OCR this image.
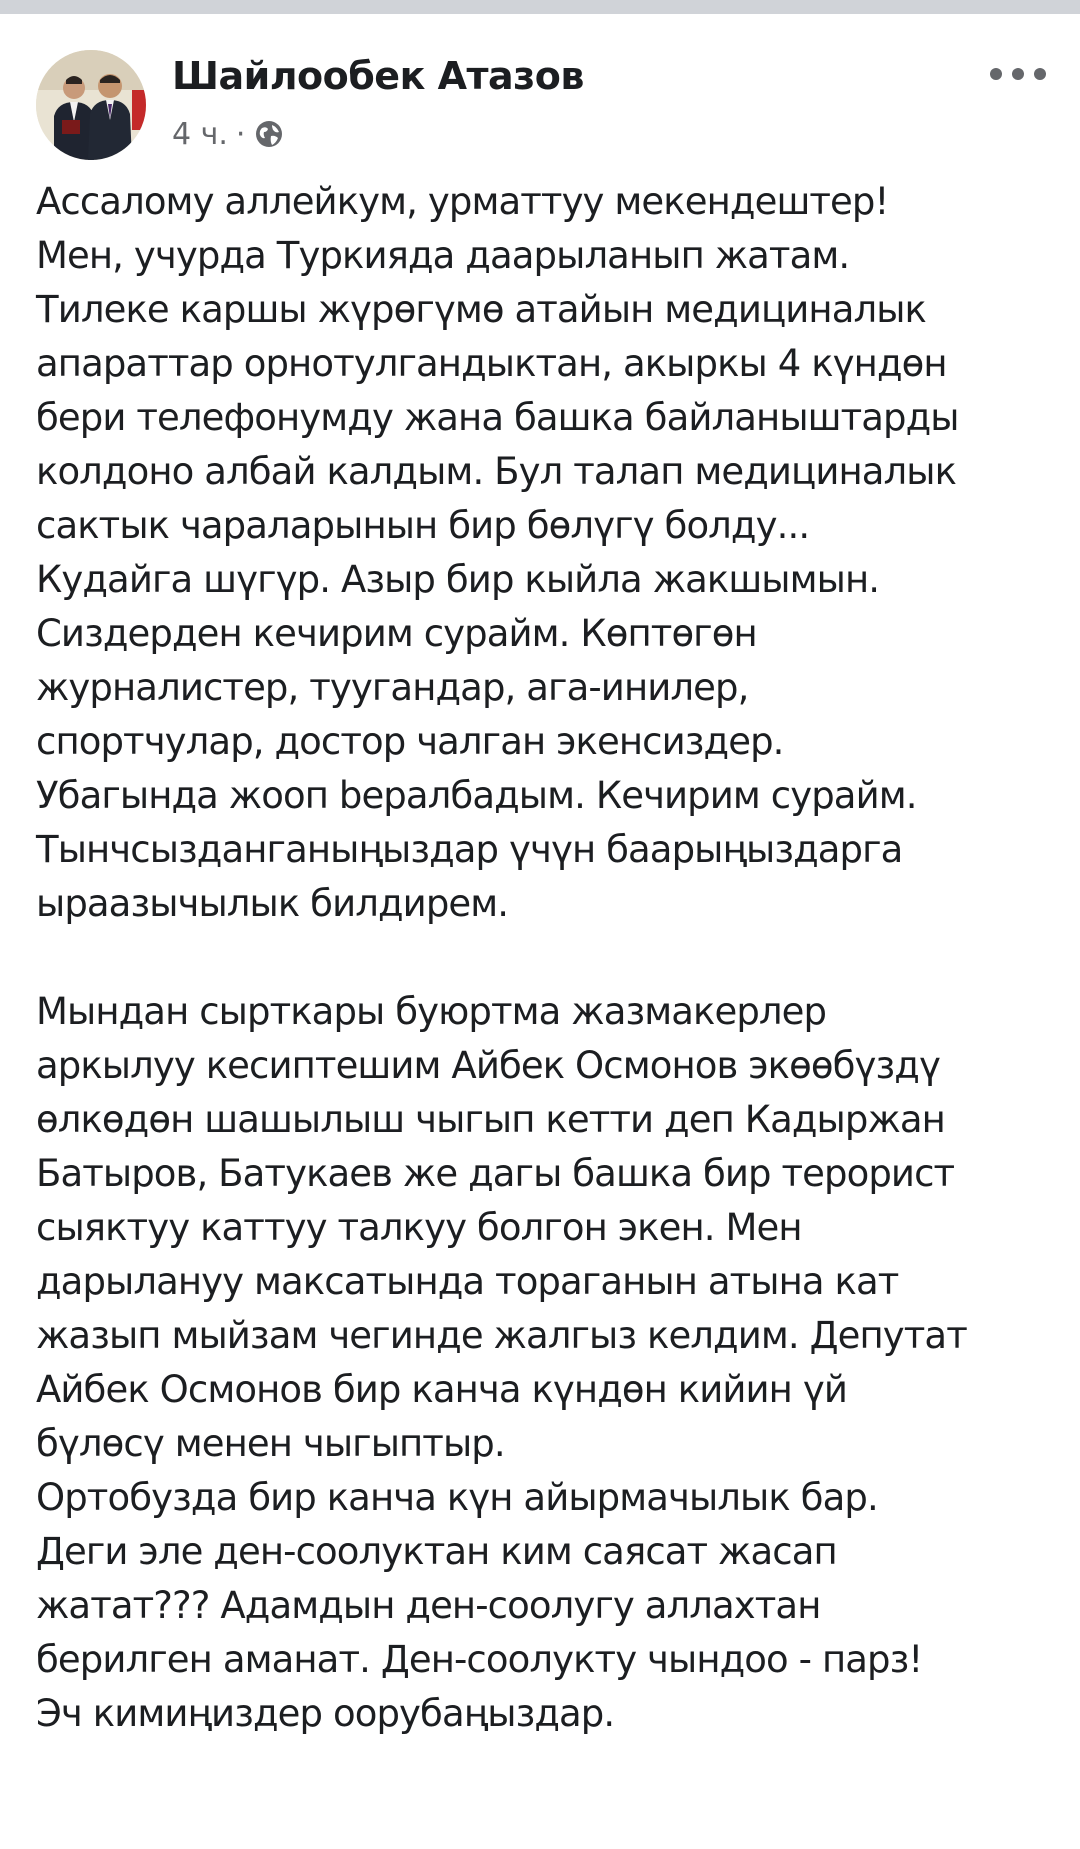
Шайлообек Атазов
4 ч. ·

Ассалому аллейкум, урматтуу мекендештер!
Мен, учурда Туркияда даарыланып жатам.
Тилеке каршы жүрөгүмө атайын медициналык
апараттар орнотулгандыктан, акыркы 4 күндөн
бери телефонумду жана башка байланыштарды
колдоно албай калдым. Бул талап медициналык
сактык чараларынын бир бөлүгү болду...
Кудайга шүгүр. Азыр бир кыйла жакшымын.
Сиздерден кечирим сурайм. Көптөгөн
журналистер, туугандар, ага-инилер,
спортчулар, достор чалган экенсиздер.
Убагында жооп beралбадым. Кечирим сурайм.
Тынчсызданганыңыздар үчүн баарыңыздарга
ыраазычылык билдирем.

Мындан сырткары буюртма жазмакерлер
аркылуу кесиптешим Айбек Осмонов экөөбүздү
өлкөдөн шашылыш чыгып кетти деп Кадыржан
Батыров, Батукаев же дагы башка бир терорист
сыяктуу каттуу талкуу болгон экен. Мен
дарылануу максатында тораганын атына кат
жазып мыйзам чегинде жалгыз келдим. Депутат
Айбек Осмонов бир канча күндөн кийин үй
бүлөсү менен чыгыптыр.
Ортобузда бир канча күн айырмачылык бар.
Деги эле ден-соолуктан ким саясат жасап
жатат??? Адамдын ден-соолугу аллахтан
берилген аманат. Ден-соолукту чындоо - парз!
Эч кимиңиздер оорубаңыздар.
